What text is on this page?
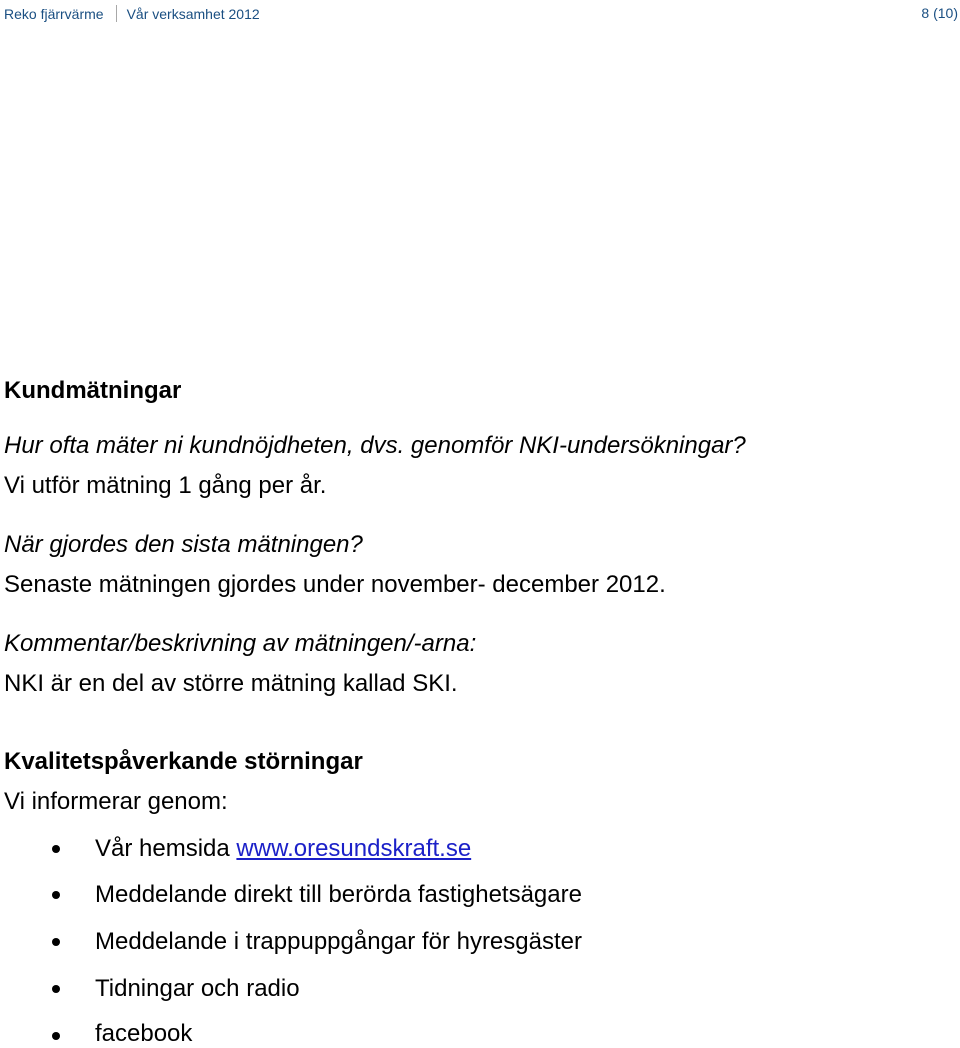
Reko fjärrvärme Vår verksamhet 2012	8 (10)
Kundmätningar
Hur ofta mäter ni kundnöjdheten, dvs. genomför NKI-undersökningar?
Vi utför mätning 1 gång per år.
När gjordes den sista mätningen?
Senaste mätningen gjordes under november- december 2012.
Kommentar/beskrivning av mätningen/-arna:
NKI är en del av större mätning kallad SKI.
Kvalitetspåverkande störningar
Vi informerar genom:
Vår hemsida www.oresundskraft.se
Meddelande direkt till berörda fastighetsägare
Meddelande i trappuppgångar för hyresgäster
Tidningar och radio
facebook
